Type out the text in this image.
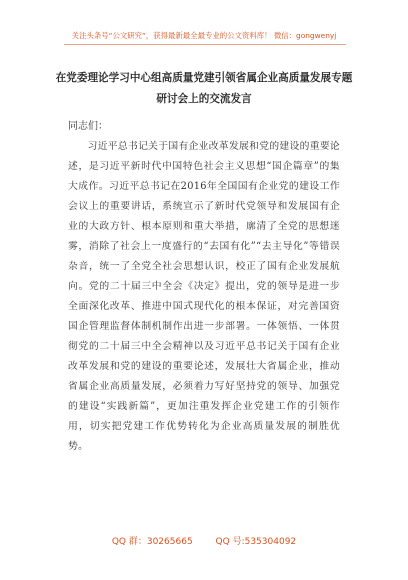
关注头条号“公文研究”，获得最新最全最专业的公文资料库！ 微信：gongwenyj
在党委理论学习中心组高质量党建引领省属企业高质量发展专题研讨会上的交流发言
同志们：

习近平总书记关于国有企业改革发展和党的建设的重要论述，是习近平新时代中国特色社会主义思想“国企篇章”的集大成作。习近平总书记在2016年全国国有企业党的建设工作会议上的重要讲话，系统宣示了新时代党领导和发展国有企业的大政方针、根本原则和重大举措，廓清了全党的思想迷雾，消除了社会上一度盛行的“去国有化”“去主导化”等错误杂音，统一了全党全社会思想认识，校正了国有企业发展航向。党的二十届三中全会《决定》提出，党的领导是进一步全面深化改革、推进中国式现代化的根本保证，对完善国资国企管理监督体制机制作出进一步部署。一体领悟、一体贯彻党的二十届三中全会精神以及习近平总书记关于国有企业改革发展和党的建设的重要论述，发展壮大省属企业，推动省属企业高质量发展，必须着力写好坚持党的领导、加强党的建设“实践新篇”，更加注重发挥企业党建工作的引领作用，切实把党建工作优势转化为企业高质量发展的制胜优势。

QQ 群：30265665	QQ 号:535304092
